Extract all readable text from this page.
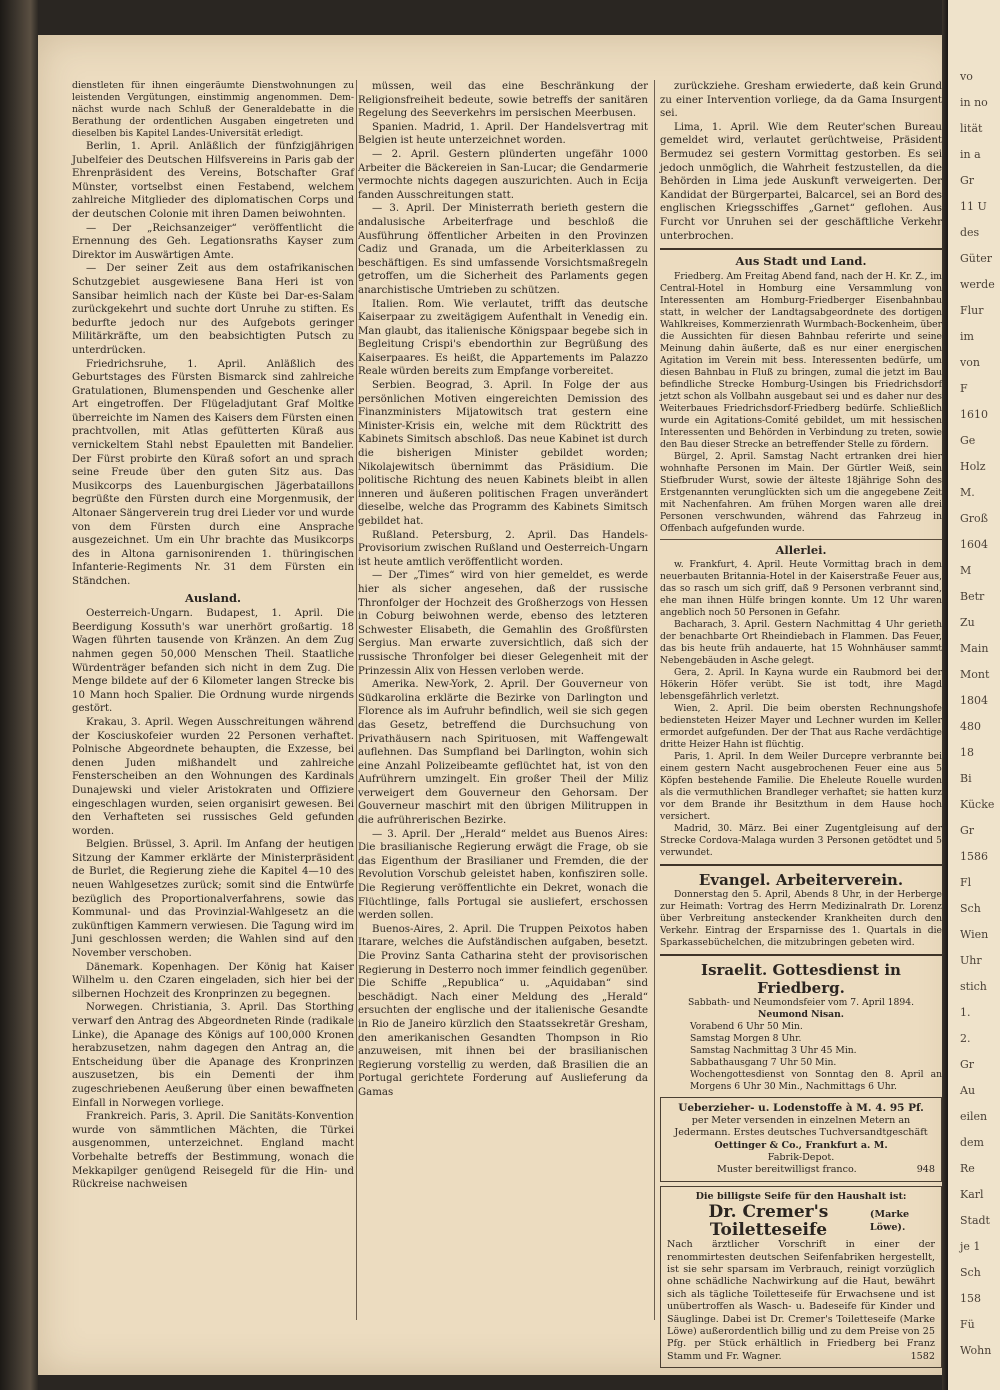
vo
in no
lität
in a
Gr
11 U
des
Güter
werde
Flur
im
von
F
1610
Ge
Holz
M.
Groß
1604
M
Betr
Zu
Main
Mont
1804
480
18
Bi
Kücke
Gr
1586
Fl
Sch
Wien
Uhr
stich
1.
2.
Gr
Au
eilen
dem
Re
Karl
Stadt
je 1
Sch
158
Fü
Wohn

dienstleten für ihnen eingeräumte Dienstwohnungen zu leistenden Vergütungen, einstimmig angenommen. Dem-nächst wurde nach Schluß der Generaldebatte in die Berathung der ordentlichen Ausgaben eingetreten und dieselben bis Kapitel Landes-Universität erledigt.

Berlin, 1. April. Anläßlich der fünfzigjährigen Jubelfeier des Deutschen Hilfsvereins in Paris gab der Ehrenpräsident des Vereins, Botschafter Graf Münster, vortselbst einen Festabend, welchem zahlreiche Mitglieder des diplomatischen Corps und der deutschen Colonie mit ihren Damen beiwohnten.

— Der „Reichsanzeiger“ veröffentlicht die Ernennung des Geh. Legationsraths Kayser zum Direktor im Auswärtigen Amte.

— Der seiner Zeit aus dem ostafrikanischen Schutzgebiet ausgewiesene Bana Heri ist von Sansibar heimlich nach der Küste bei Dar-es-Salam zurückgekehrt und suchte dort Unruhe zu stiften. Es bedurfte jedoch nur des Aufgebots geringer Militärkräfte, um den beabsichtigten Putsch zu unterdrücken.

Friedrichsruhe, 1. April. Anläßlich des Geburtstages des Fürsten Bismarck sind zahlreiche Gratulationen, Blumenspenden und Geschenke aller Art eingetroffen. Der Flügeladjutant Graf Moltke überreichte im Namen des Kaisers dem Fürsten einen prachtvollen, mit Atlas gefütterten Küraß aus vernickeltem Stahl nebst Epauletten mit Bandelier. Der Fürst probirte den Küraß sofort an und sprach seine Freude über den guten Sitz aus. Das Musikcorps des Lauenburgischen Jägerbataillons begrüßte den Fürsten durch eine Morgenmusik, der Altonaer Sängerverein trug drei Lieder vor und wurde von dem Fürsten durch eine Ansprache ausgezeichnet. Um ein Uhr brachte das Musikcorps des in Altona garnisonirenden 1. thüringischen Infanterie-Regiments Nr. 31 dem Fürsten ein Ständchen.

Ausland.

Oesterreich-Ungarn. Budapest, 1. April. Die Beerdigung Kossuth's war unerhört großartig. 18 Wagen führten tausende von Kränzen. An dem Zug nahmen gegen 50,000 Menschen Theil. Staatliche Würdenträger befanden sich nicht in dem Zug. Die Menge bildete auf der 6 Kilometer langen Strecke bis 10 Mann hoch Spalier. Die Ordnung wurde nirgends gestört.

Krakau, 3. April. Wegen Ausschreitungen während der Kosciuskofeier wurden 22 Personen verhaftet. Polnische Abgeordnete behaupten, die Exzesse, bei denen Juden mißhandelt und zahlreiche Fensterscheiben an den Wohnungen des Kardinals Dunajewski und vieler Aristokraten und Offiziere eingeschlagen wurden, seien organisirt gewesen. Bei den Verhafteten sei russisches Geld gefunden worden.

Belgien. Brüssel, 3. April. Im Anfang der heutigen Sitzung der Kammer erklärte der Ministerpräsident de Burlet, die Regierung ziehe die Kapitel 4—10 des neuen Wahlgesetzes zurück; somit sind die Entwürfe bezüglich des Proportionalverfahrens, sowie das Kommunal- und das Provinzial-Wahlgesetz an die zukünftigen Kammern verwiesen. Die Tagung wird im Juni geschlossen werden; die Wahlen sind auf den November verschoben.

Dänemark. Kopenhagen. Der König hat Kaiser Wilhelm u. den Czaren eingeladen, sich hier bei der silbernen Hochzeit des Kronprinzen zu begegnen.

Norwegen. Christiania, 3. April. Das Storthing verwarf den Antrag des Abgeordneten Rinde (radikale Linke), die Apanage des Königs auf 100,000 Kronen herabzusetzen, nahm dagegen den Antrag an, die Entscheidung über die Apanage des Kronprinzen auszusetzen, bis ein Dementi der ihm zugeschriebenen Aeußerung über einen bewaffneten Einfall in Norwegen vorliege.

Frankreich. Paris, 3. April. Die Sanitäts-Konvention wurde von sämmtlichen Mächten, die Türkei ausgenommen, unterzeichnet. England macht Vorbehalte betreffs der Bestimmung, wonach die Mekkapilger genügend Reisegeld für die Hin- und Rückreise nachweisen

müssen, weil das eine Beschränkung der Religionsfreiheit bedeute, sowie betreffs der sanitären Regelung des Seeverkehrs im persischen Meerbusen.

Spanien. Madrid, 1. April. Der Handelsvertrag mit Belgien ist heute unterzeichnet worden.

— 2. April. Gestern plünderten ungefähr 1000 Arbeiter die Bäckereien in San-Lucar; die Gendarmerie vermochte nichts dagegen auszurichten. Auch in Ecija fanden Ausschreitungen statt.

— 3. April. Der Ministerrath berieth gestern die andalusische Arbeiterfrage und beschloß die Ausführung öffentlicher Arbeiten in den Provinzen Cadiz und Granada, um die Arbeiterklassen zu beschäftigen. Es sind umfassende Vorsichtsmaßregeln getroffen, um die Sicherheit des Parlaments gegen anarchistische Umtrieben zu schützen.

Italien. Rom. Wie verlautet, trifft das deutsche Kaiserpaar zu zweitägigem Aufenthalt in Venedig ein. Man glaubt, das italienische Königspaar begebe sich in Begleitung Crispi's ebendorthin zur Begrüßung des Kaiserpaares. Es heißt, die Appartements im Palazzo Reale würden bereits zum Empfange vorbereitet.

Serbien. Beograd, 3. April. In Folge der aus persönlichen Motiven eingereichten Demission des Finanzministers Mijatowitsch trat gestern eine Minister-Krisis ein, welche mit dem Rücktritt des Kabinets Simitsch abschloß. Das neue Kabinet ist durch die bisherigen Minister gebildet worden; Nikolajewitsch übernimmt das Präsidium. Die politische Richtung des neuen Kabinets bleibt in allen inneren und äußeren politischen Fragen unverändert dieselbe, welche das Programm des Kabinets Simitsch gebildet hat.

Rußland. Petersburg, 2. April. Das Handels-Provisorium zwischen Rußland und Oesterreich-Ungarn ist heute amtlich veröffentlicht worden.

— Der „Times“ wird von hier gemeldet, es werde hier als sicher angesehen, daß der russische Thronfolger der Hochzeit des Großherzogs von Hessen in Coburg beiwohnen werde, ebenso des letzteren Schwester Elisabeth, die Gemahlin des Großfürsten Sergius. Man erwarte zuversichtlich, daß sich der russische Thronfolger bei dieser Gelegenheit mit der Prinzessin Alix von Hessen verloben werde.

Amerika. New-York, 2. April. Der Gouverneur von Südkarolina erklärte die Bezirke von Darlington und Florence als im Aufruhr befindlich, weil sie sich gegen das Gesetz, betreffend die Durchsuchung von Privathäusern nach Spirituosen, mit Waffengewalt auflehnen. Das Sumpfland bei Darlington, wohin sich eine Anzahl Polizeibeamte geflüchtet hat, ist von den Aufrührern umzingelt. Ein großer Theil der Miliz verweigert dem Gouverneur den Gehorsam. Der Gouverneur maschirt mit den übrigen Militruppen in die aufrührerischen Bezirke.

— 3. April. Der „Herald“ meldet aus Buenos Aires: Die brasilianische Regierung erwägt die Frage, ob sie das Eigenthum der Brasilianer und Fremden, die der Revolution Vorschub geleistet haben, konfisziren solle. Die Regierung veröffentlichte ein Dekret, wonach die Flüchtlinge, falls Portugal sie ausliefert, erschossen werden sollen.

Buenos-Aires, 2. April. Die Truppen Peixotos haben Itarare, welches die Aufständischen aufgaben, besetzt. Die Provinz Santa Catharina steht der provisorischen Regierung in Desterro noch immer feindlich gegenüber. Die Schiffe „Republica“ u. „Aquidaban“ sind beschädigt. Nach einer Meldung des „Herald“ ersuchten der englische und der italienische Gesandte in Rio de Janeiro kürzlich den Staatssekretär Gresham, den amerikanischen Gesandten Thompson in Rio anzuweisen, mit ihnen bei der brasilianischen Regierung vorstellig zu werden, daß Brasilien die an Portugal gerichtete Forderung auf Auslieferung da Gamas

zurückziehe. Gresham erwiederte, daß kein Grund zu einer Intervention vorliege, da da Gama Insurgent sei.

Lima, 1. April. Wie dem Reuter'schen Bureau gemeldet wird, verlautet gerüchtweise, Präsident Bermudez sei gestern Vormittag gestorben. Es sei jedoch unmöglich, die Wahrheit festzustellen, da die Behörden in Lima jede Auskunft verweigerten. Der Kandidat der Bürgerpartei, Balcarcel, sei an Bord des englischen Kriegsschiffes „Garnet“ geflohen. Aus Furcht vor Unruhen sei der geschäftliche Verkehr unterbrochen.

Aus Stadt und Land.

Friedberg. Am Freitag Abend fand, nach der H. Kr. Z., im Central-Hotel in Homburg eine Versammlung von Interessenten am Homburg-Friedberger Eisenbahnbau statt, in welcher der Landtagsabgeordnete des dortigen Wahlkreises, Kommerzienrath Wurmbach-Bockenheim, über die Aussichten für diesen Bahnbau referirte und seine Meinung dahin äußerte, daß es nur einer energischen Agitation im Verein mit bess. Interessenten bedürfe, um diesen Bahnbau in Fluß zu bringen, zumal die jetzt im Bau befindliche Strecke Homburg-Usingen bis Friedrichsdorf jetzt schon als Vollbahn ausgebaut sei und es daher nur des Weiterbaues Friedrichsdorf-Friedberg bedürfe. Schließlich wurde ein Agitations-Comité gebildet, um mit hessischen Interessenten und Behörden in Verbindung zu treten, sowie den Bau dieser Strecke an betreffender Stelle zu fördern.

Bürgel, 2. April. Samstag Nacht ertranken drei hier wohnhafte Personen im Main. Der Gürtler Weiß, sein Stiefbruder Wurst, sowie der älteste 18jährige Sohn des Erstgenannten verunglückten sich um die angegebene Zeit mit Nachenfahren. Am frühen Morgen waren alle drei Personen verschwunden, während das Fahrzeug in Offenbach aufgefunden wurde.

Allerlei.

w. Frankfurt, 4. April. Heute Vormittag brach in dem neuerbauten Britannia-Hotel in der Kaiserstraße Feuer aus, das so rasch um sich griff, daß 9 Personen verbrannt sind, ehe man ihnen Hülfe bringen konnte. Um 12 Uhr waren angeblich noch 50 Personen in Gefahr.

Bacharach, 3. April. Gestern Nachmittag 4 Uhr gerieth der benachbarte Ort Rheindiebach in Flammen. Das Feuer, das bis heute früh andauerte, hat 15 Wohnhäuser sammt Nebengebäuden in Asche gelegt.

Gera, 2. April. In Kayna wurde ein Raubmord bei der Hökerin Höfer verübt. Sie ist todt, ihre Magd lebensgefährlich verletzt.

Wien, 2. April. Die beim obersten Rechnungshofe bediensteten Heizer Mayer und Lechner wurden im Keller ermordet aufgefunden. Der der That aus Rache verdächtige dritte Heizer Hahn ist flüchtig.

Paris, 1. April. In dem Weiler Durcepre verbrannte bei einem gestern Nacht ausgebrochenen Feuer eine aus 5 Köpfen bestehende Familie. Die Eheleute Rouelle wurden als die vermuthlichen Brandleger verhaftet; sie hatten kurz vor dem Brande ihr Besitzthum in dem Hause hoch versichert.

Madrid, 30. März. Bei einer Zugentgleisung auf der Strecke Cordova-Malaga wurden 3 Personen getödtet und 5 verwundet.

Evangel. Arbeiterverein.

Donnerstag den 5. April, Abends 8 Uhr, in der Herberge zur Heimath: Vortrag des Herrn Medizinalrath Dr. Lorenz über Verbreitung ansteckender Krankheiten durch den Verkehr. Eintrag der Ersparnisse des 1. Quartals in die Sparkassebüchelchen, die mitzubringen gebeten wird.

Israelit. Gottesdienst in Friedberg.
Sabbath- und Neumondsfeier vom 7. April 1894.
Neumond Nisan.
Vorabend 6 Uhr 50 Min.
Samstag Morgen 8 Uhr.
Samstag Nachmittag 3 Uhr 45 Min.
Sabbathausgang 7 Uhr 50 Min.
Wochengottesdienst von Sonntag den 8. April an Morgens 6 Uhr 30 Min., Nachmittags 6 Uhr.
Ueberzieher- u. Lodenstoffe à M. 4. 95 Pf.
per Meter versenden in einzelnen Metern an Jedermann. Erstes deutsches Tuchversandtgeschäft
Oettinger & Co., Frankfurt a. M.
Fabrik-Depot.
Muster bereitwilligst franco.	948
Die billigste Seife für den Haushalt ist:
Dr. Cremer's Toiletteseife
(Marke Löwe).

Nach ärztlicher Vorschrift in einer der renommirtesten deutschen Seifenfabriken hergestellt, ist sie sehr sparsam im Verbrauch, reinigt vorzüglich ohne schädliche Nachwirkung auf die Haut, bewährt sich als tägliche Toiletteseife für Erwachsene und ist unübertroffen als Wasch- u. Badeseife für Kinder und Säuglinge. Dabei ist Dr. Cremer's Toiletteseife (Marke Löwe) außerordentlich billig und zu dem Preise von 25 Pfg. per Stück erhältlich in Friedberg bei Franz Stamm und Fr. Wagner.	1582
